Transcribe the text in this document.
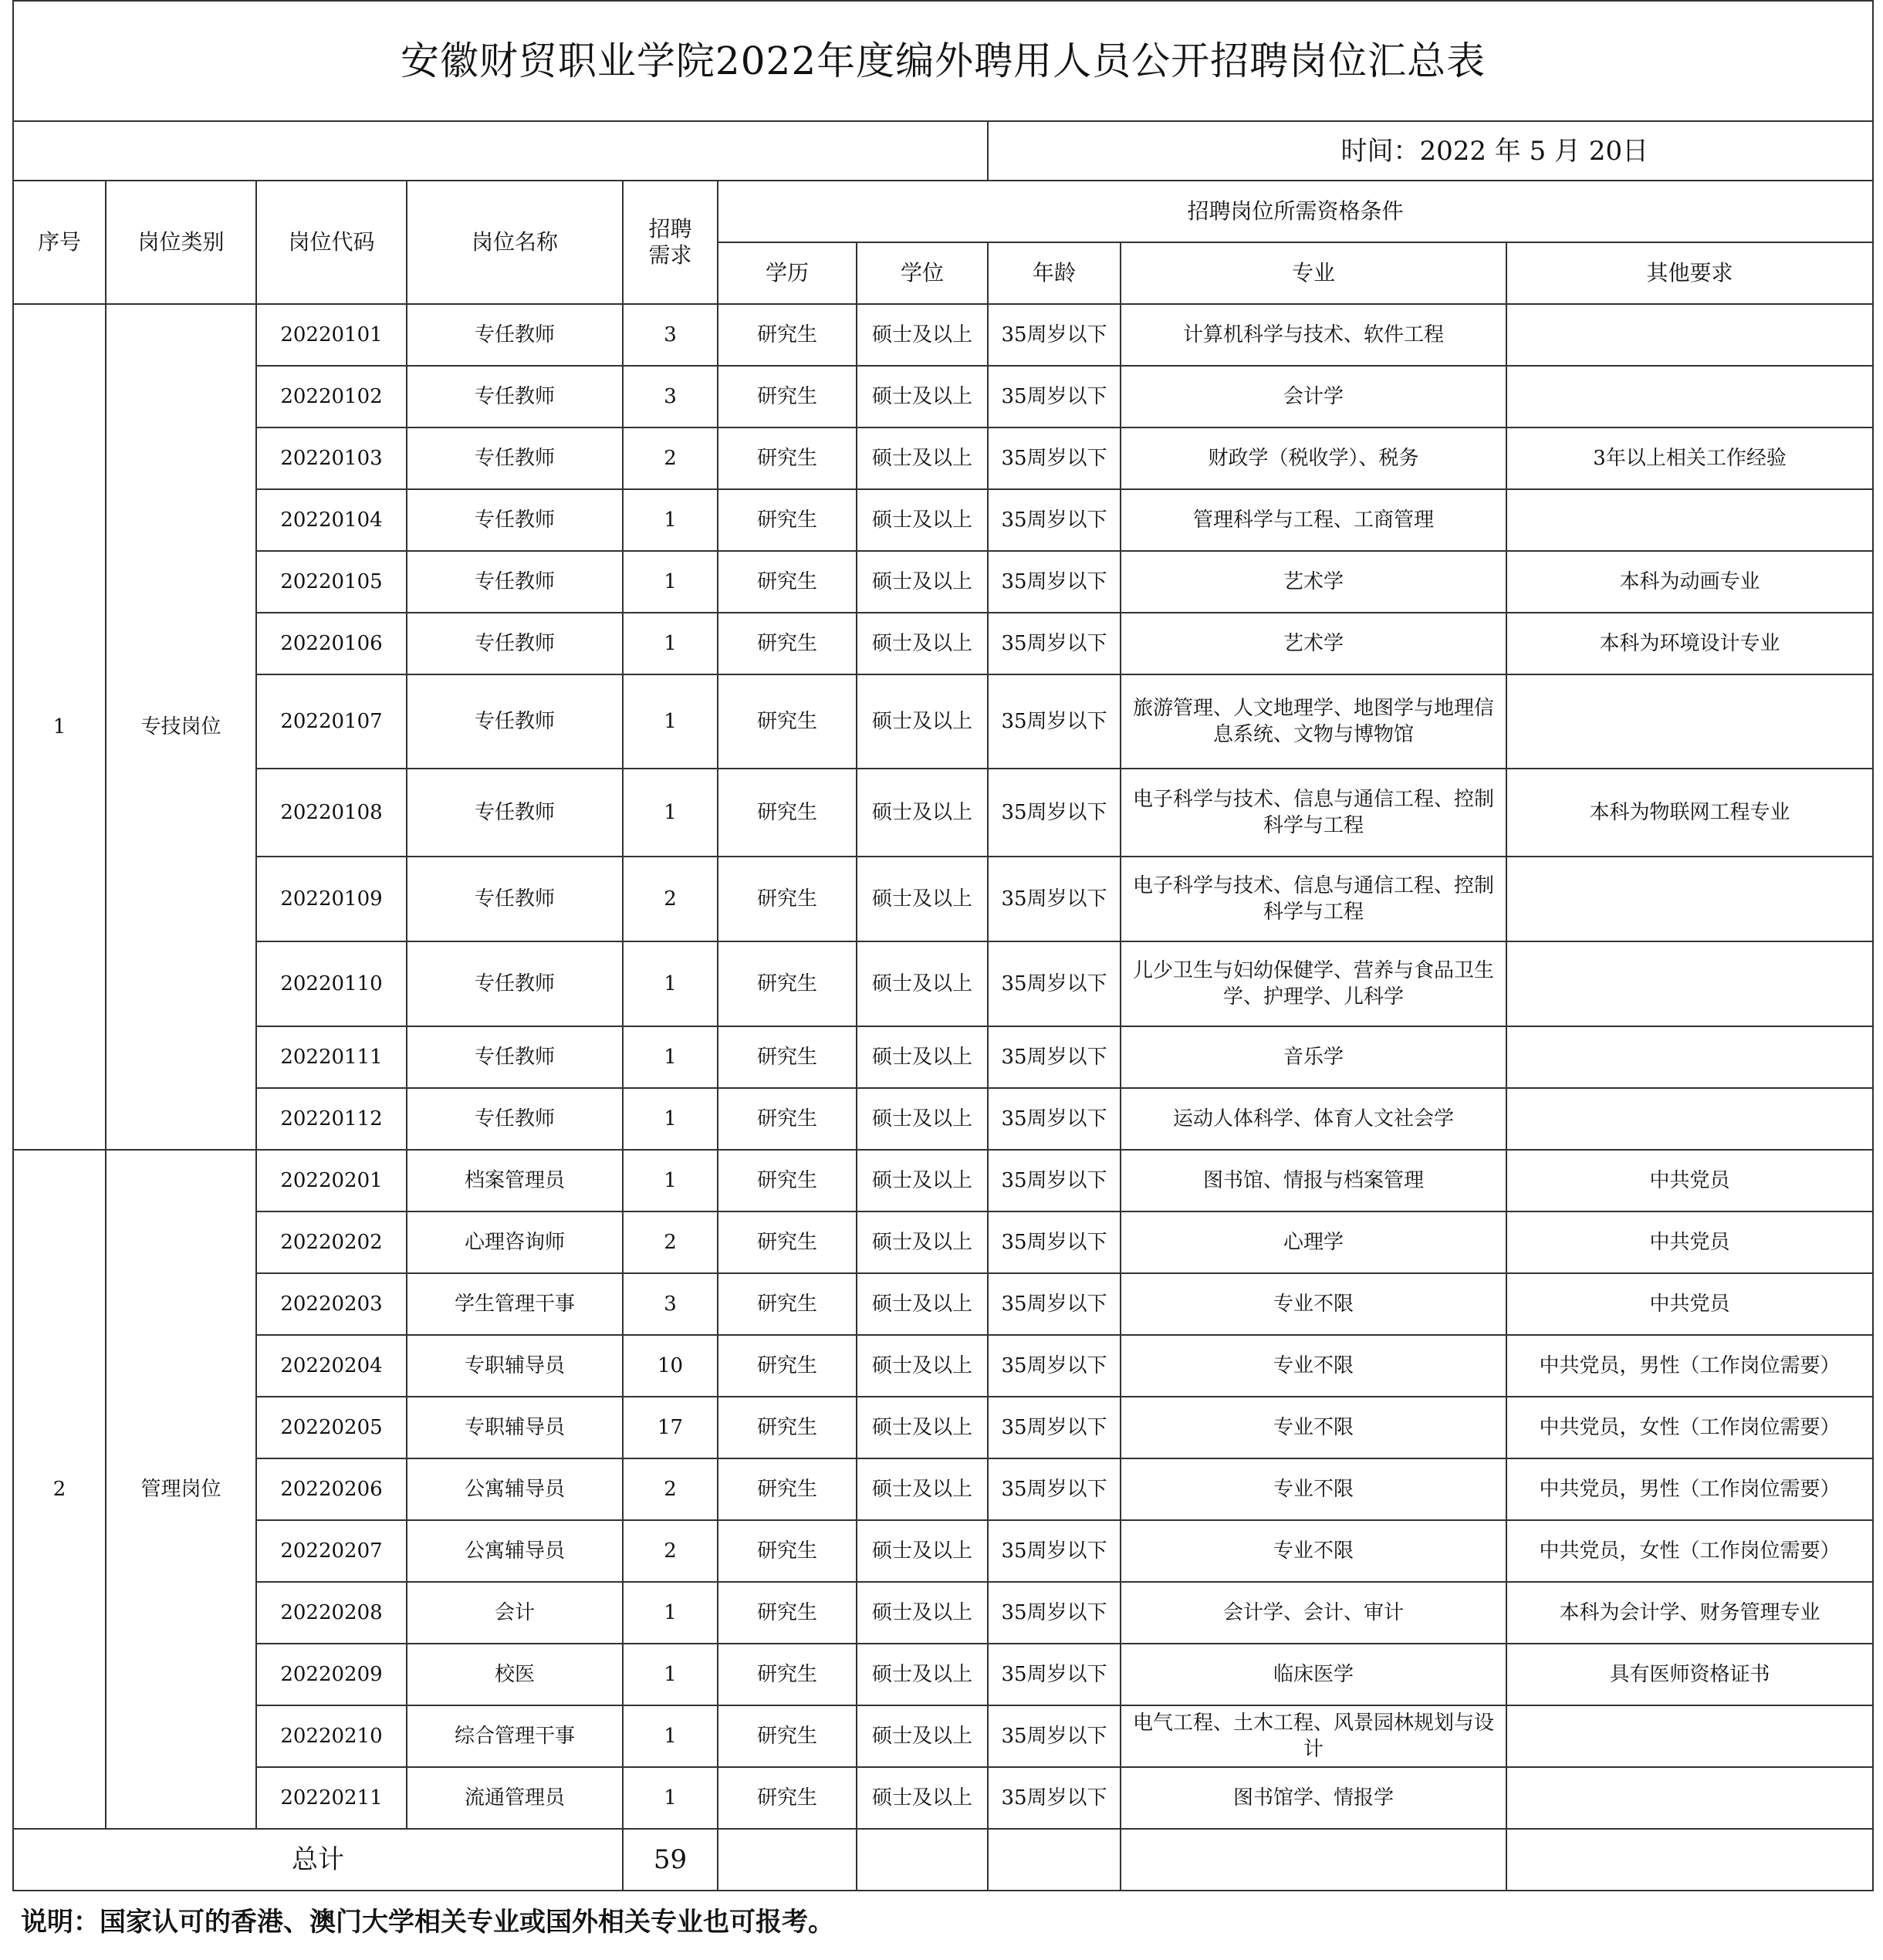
安徽财贸职业学院2022年度编外聘用人员公开招聘岗位汇总表									
							时间：2022 年 5 月 20日		
序号	岗位类别	岗位代码	岗位名称	招聘需求	招聘岗位所需资格条件				
					学历	学位	年龄	专业	其他要求
1	专技岗位	20220101	专任教师	3	研究生	硕士及以上	35周岁以下	计算机科学与技术、软件工程	
		20220102	专任教师	3	研究生	硕士及以上	35周岁以下	会计学	
		20220103	专任教师	2	研究生	硕士及以上	35周岁以下	财政学（税收学）、税务	3年以上相关工作经验
		20220104	专任教师	1	研究生	硕士及以上	35周岁以下	管理科学与工程、工商管理	
		20220105	专任教师	1	研究生	硕士及以上	35周岁以下	艺术学	本科为动画专业
		20220106	专任教师	1	研究生	硕士及以上	35周岁以下	艺术学	本科为环境设计专业
		20220107	专任教师	1	研究生	硕士及以上	35周岁以下	旅游管理、人文地理学、地图学与地理信息系统、文物与博物馆	
		20220108	专任教师	1	研究生	硕士及以上	35周岁以下	电子科学与技术、信息与通信工程、控制科学与工程	本科为物联网工程专业
		20220109	专任教师	2	研究生	硕士及以上	35周岁以下	电子科学与技术、信息与通信工程、控制科学与工程	
		20220110	专任教师	1	研究生	硕士及以上	35周岁以下	儿少卫生与妇幼保健学、营养与食品卫生学、护理学、儿科学	
		20220111	专任教师	1	研究生	硕士及以上	35周岁以下	音乐学	
		20220112	专任教师	1	研究生	硕士及以上	35周岁以下	运动人体科学、体育人文社会学	
2	管理岗位	20220201	档案管理员	1	研究生	硕士及以上	35周岁以下	图书馆、情报与档案管理	中共党员
		20220202	心理咨询师	2	研究生	硕士及以上	35周岁以下	心理学	中共党员
		20220203	学生管理干事	3	研究生	硕士及以上	35周岁以下	专业不限	中共党员
		20220204	专职辅导员	10	研究生	硕士及以上	35周岁以下	专业不限	中共党员，男性（工作岗位需要）
		20220205	专职辅导员	17	研究生	硕士及以上	35周岁以下	专业不限	中共党员，女性（工作岗位需要）
		20220206	公寓辅导员	2	研究生	硕士及以上	35周岁以下	专业不限	中共党员，男性（工作岗位需要）
		20220207	公寓辅导员	2	研究生	硕士及以上	35周岁以下	专业不限	中共党员，女性（工作岗位需要）
		20220208	会计	1	研究生	硕士及以上	35周岁以下	会计学、会计、审计	本科为会计学、财务管理专业
		20220209	校医	1	研究生	硕士及以上	35周岁以下	临床医学	具有医师资格证书
		20220210	综合管理干事	1	研究生	硕士及以上	35周岁以下	电气工程、土木工程、风景园林规划与设计	
		20220211	流通管理员	1	研究生	硕士及以上	35周岁以下	图书馆学、情报学	
总计				59					
说明：国家认可的香港、澳门大学相关专业或国外相关专业也可报考。									
